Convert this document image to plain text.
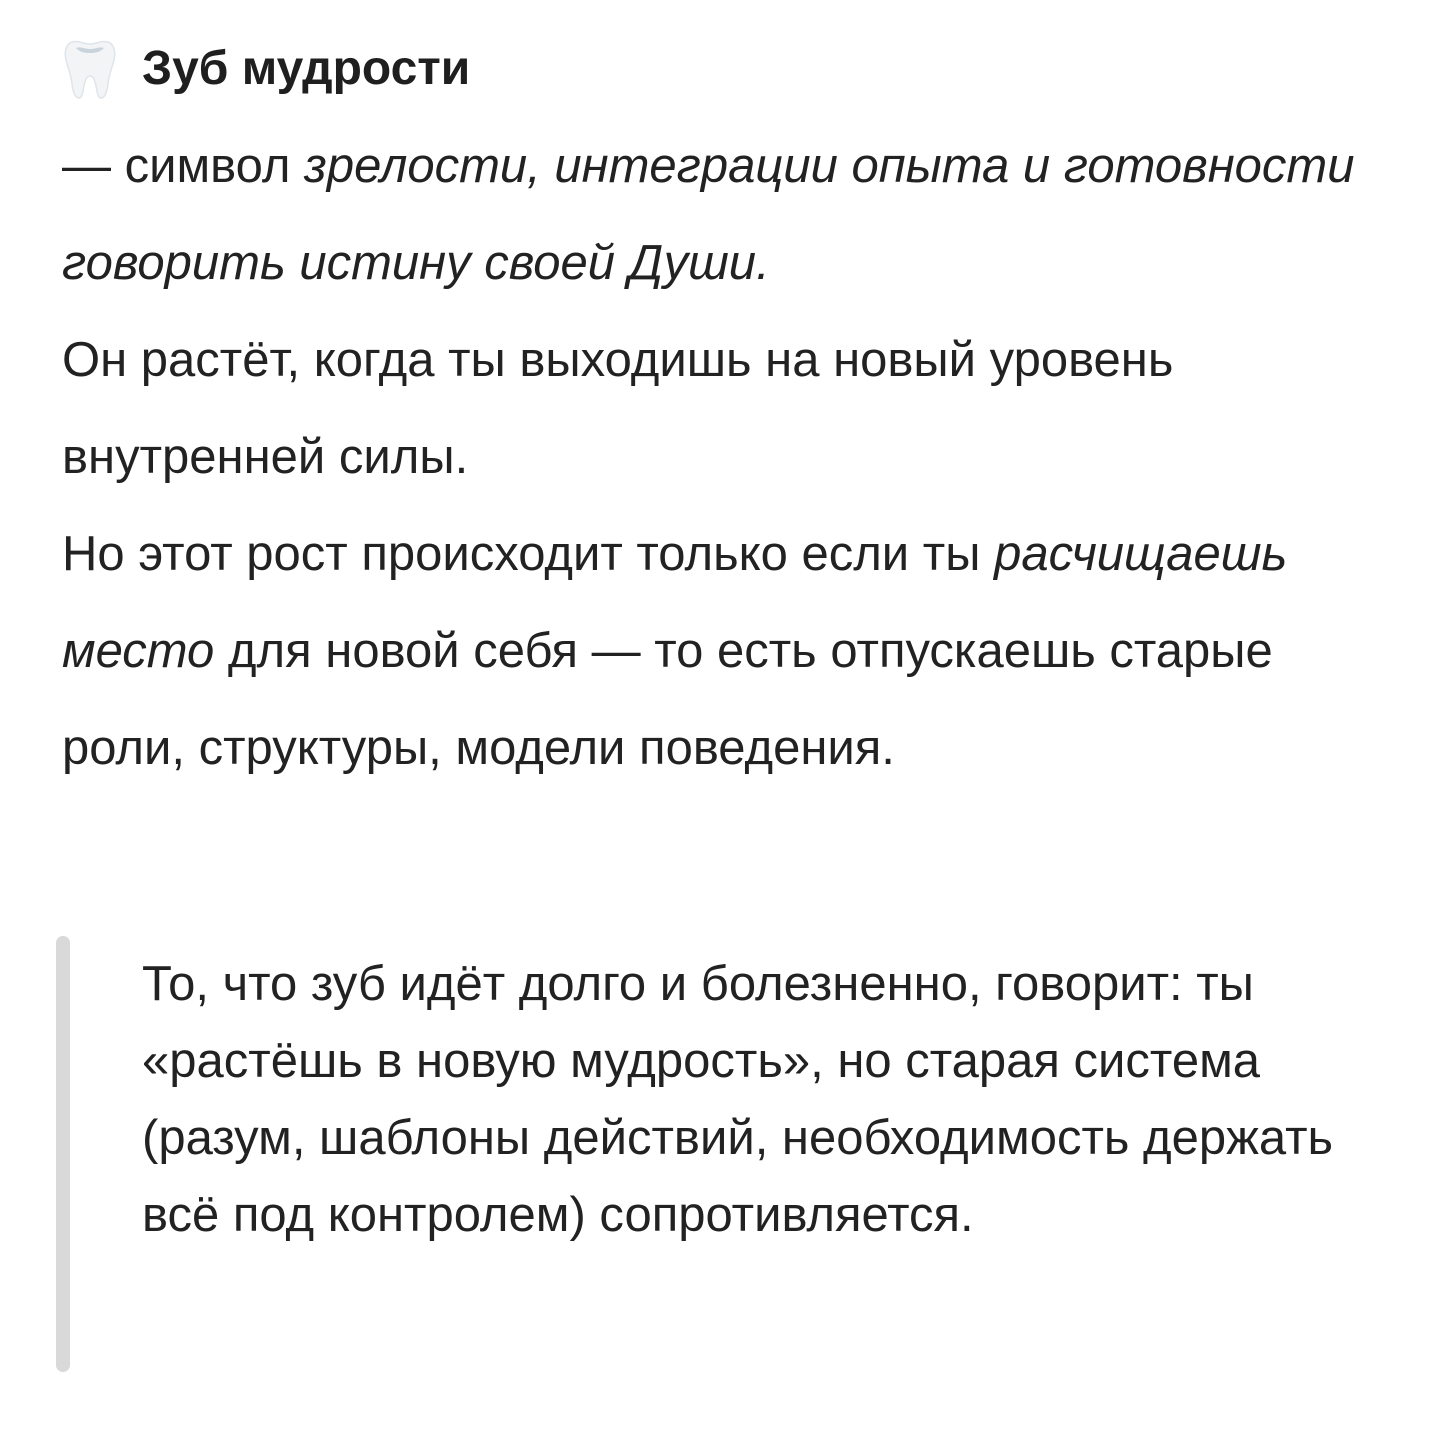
Зуб мудрости

— символ зрелости, интеграции опыта и готовности говорить истину своей Души.

Он растёт, когда ты выходишь на новый уровень внутренней силы.

Но этот рост происходит только если ты расчищаешь место для новой себя — то есть отпускаешь старые роли, структуры, модели поведения.

То, что зуб идёт долго и болезненно, говорит: ты «растёшь в новую мудрость», но старая система (разум, шаблоны действий, необходимость держать всё под контролем) сопротивляется.
